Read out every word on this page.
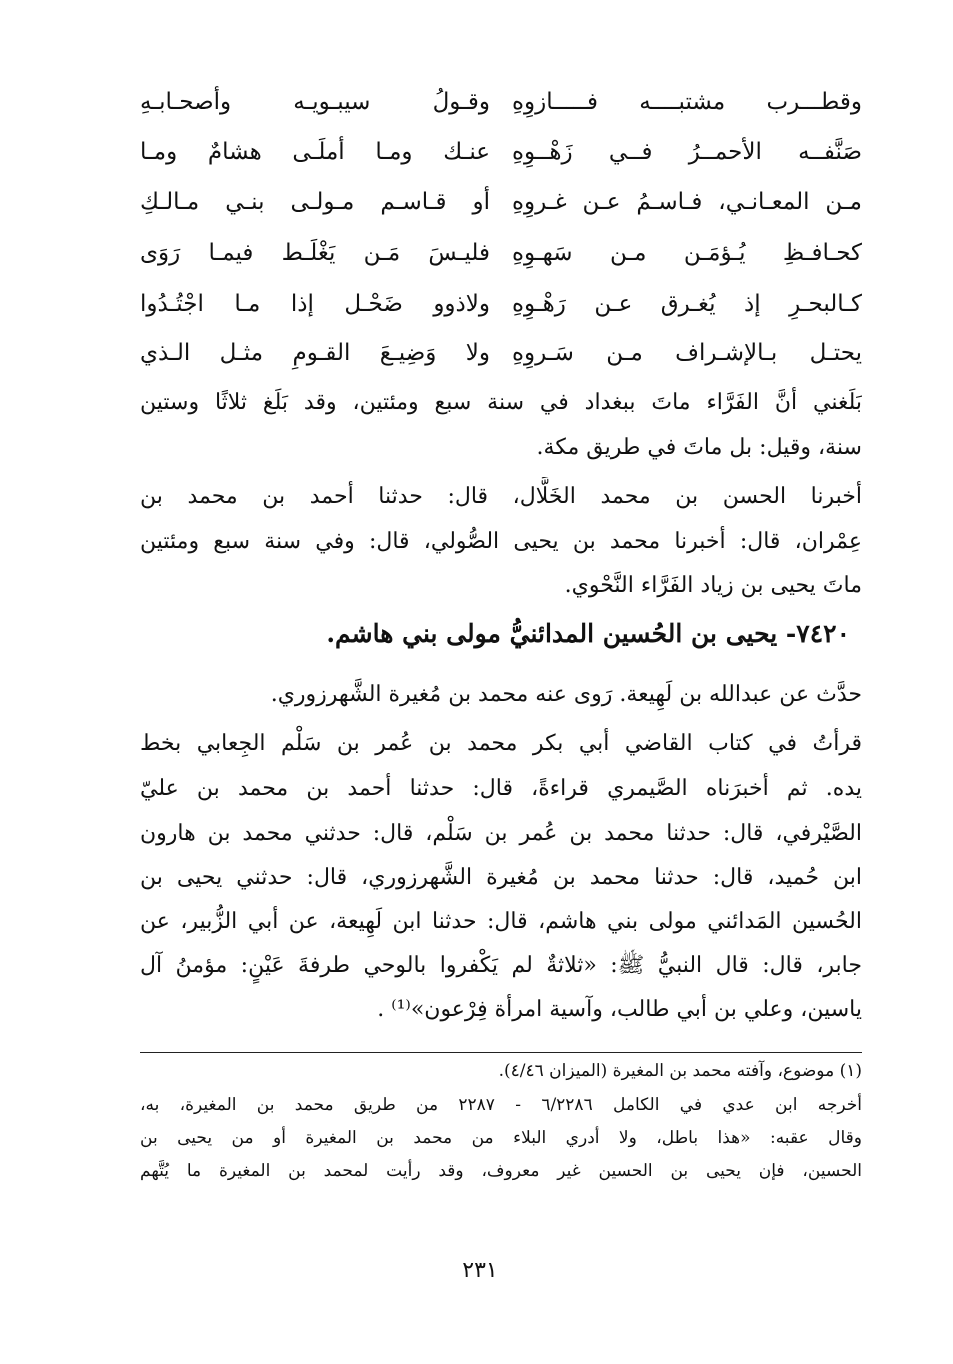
وقـولُ سيبـويـه وأصحـابـهِ وقطـــرب مشتبــــه فـــــازوِهِ
عنـك ومـا أملَـى هشامٌ ومـا صَنَّفــه الأحمــرُ فــي زَهْــوِهِ
أو قـاسـم مـولـى بنـي مـالـكِ مـن المعـانـي، فـاسـمُ عـن غـروِهِ
فليـسَ مَـن يَغْلَـط فيمـا رَوَى كحـافـظِ يُـؤمَـن مـن سَهـوِهِ
ولاذوو ضَحْـل إذا مـا اجْتُـدُوا كـالبحـرِ إذ يُغـرق عـن رَهْـوِهِ
ولا وَضِيـعَ القـومِ مثـل الـذي يحتـل بـالإشـراف مـن سَـروِهِ
بَلَغني أنَّ الفَرَّاء ماتَ ببغداد في سنة سبع ومئتين، وقد بَلَغ ثلاثًا وستين
سنة، وقيل: بل ماتَ في طريق مكة.
أخبرنا الحسن بن محمد الخَلَّال، قال: حدثنا أحمد بن محمد بن
عِمْران، قال: أخبرنا محمد بن يحيى الصُّولي، قال: وفي سنة سبع ومئتين
ماتَ يحيى بن زياد الفَرَّاء النَّحْوي.
٧٤٢٠- يحيى بن الحُسين المدائنيُّ مولى بني هاشم.
حدَّث عن عبدالله بن لَهِيعة. رَوى عنه محمد بن مُغيرة الشَّهرزوري.
قرأتُ في كتاب القاضي أبي بكر محمد بن عُمر بن سَلْم الجِعابي بخط
يده. ثم أخبرَناه الصَّيمري قراءةً، قال: حدثنا أحمد بن محمد بن عليّ
الصَّيْرفي، قال: حدثنا محمد بن عُمر بن سَلْم، قال: حدثني محمد بن هارون
ابن حُميد، قال: حدثنا محمد بن مُغيرة الشَّهرزوري، قال: حدثني يحيى بن
الحُسين المَدائني مولى بني هاشم، قال: حدثنا ابن لَهِيعة، عن أبي الزُّبير، عن
جابر، قال: قال النبيُّ ﷺ: «ثلاثةٌ لم يَكْفروا بالوحي طرفةَ عَيْنٍ: مؤمنُ آل
ياسين، وعلي بن أبي طالب، وآسية امرأة فِرْعون»⁽¹⁾ .
(١) موضوع، وآفته محمد بن المغيرة (الميزان ٤/٤٦).
أخرجه ابن عدي في الكامل ٦/٢٢٨٦ - ٢٢٨٧ من طريق محمد بن المغيرة، به،
وقال عقبه: «هذا باطل، ولا أدري البلاء من محمد بن المغيرة أو من يحيى بن
الحسين، فإن يحيى بن الحسين غير معروف، وقد رأيت لمحمد بن المغيرة ما يُتَّهم
٢٣١
